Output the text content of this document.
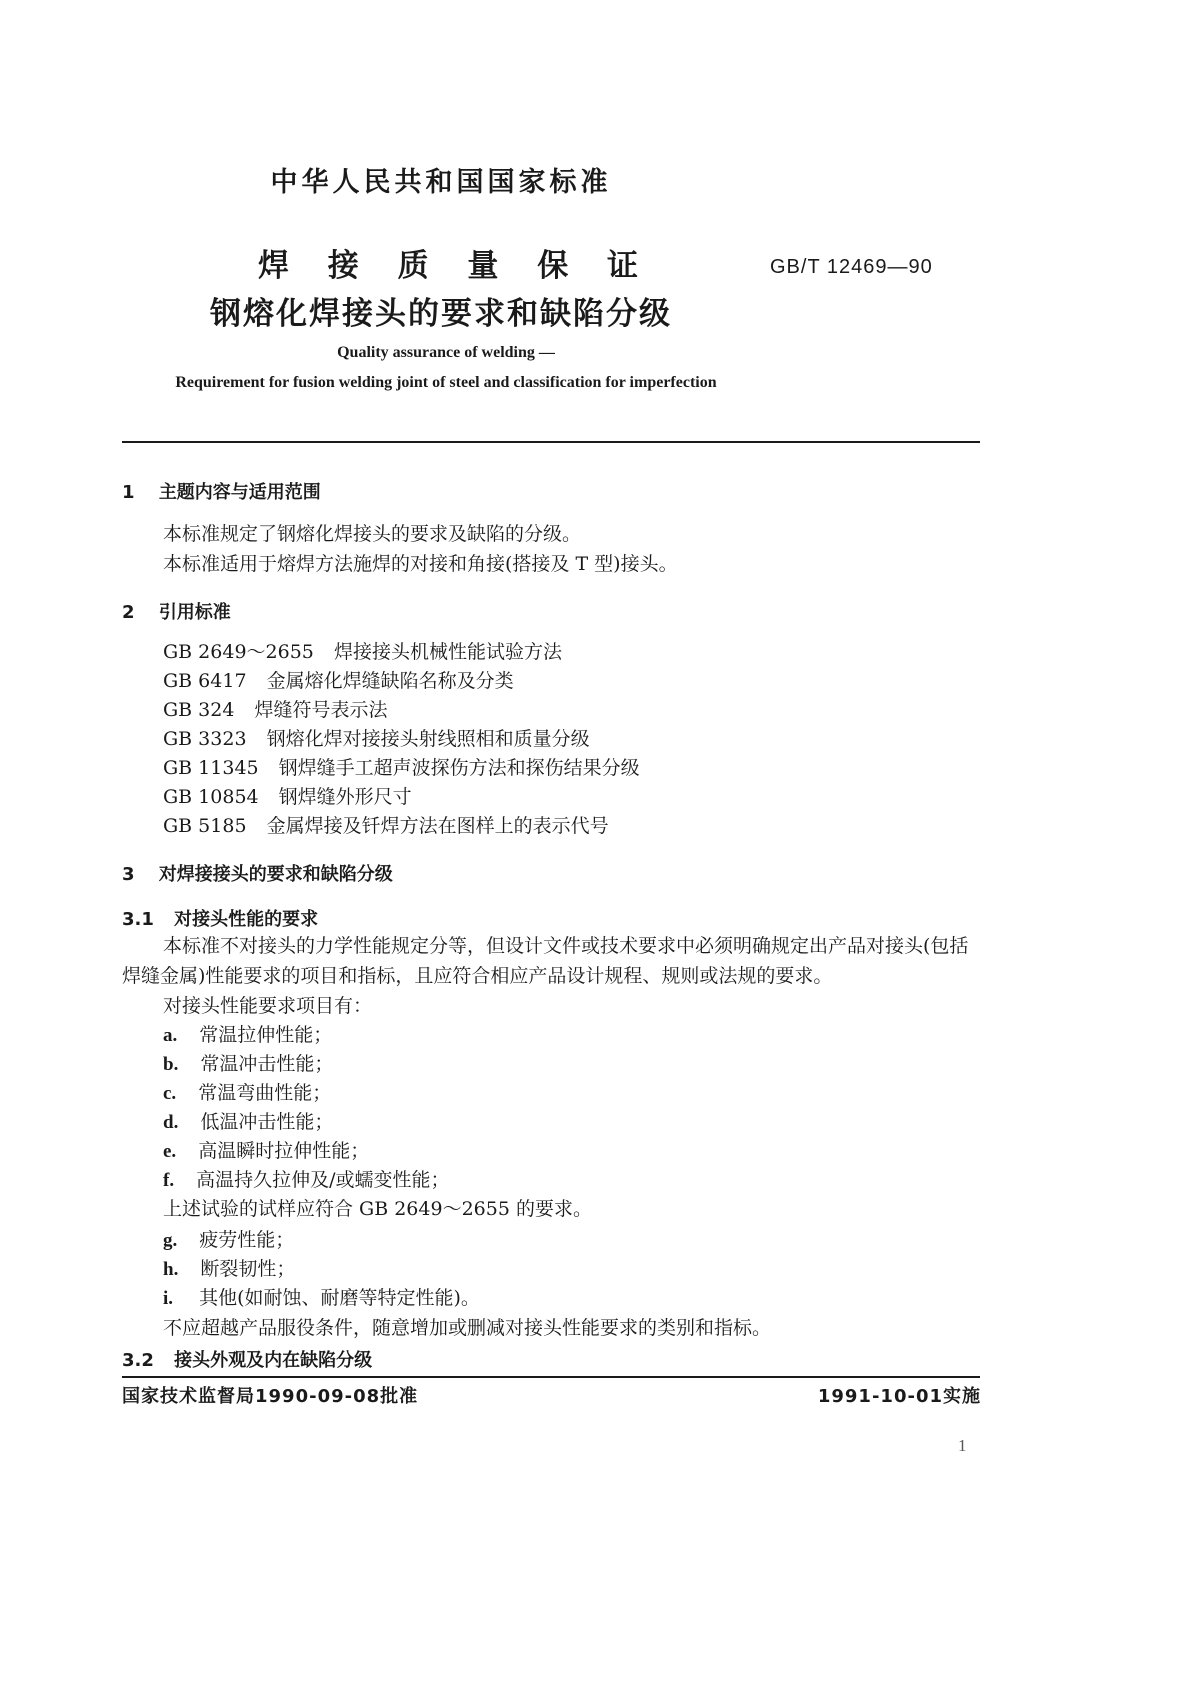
中华人民共和国国家标准
焊 接 质 量 保 证	GB/T 12469—90
钢熔化焊接头的要求和缺陷分级
Quality assurance of welding —
Requirement for fusion welding joint of steel and classification for imperfection
1 主题内容与适用范围
本标准规定了钢熔化焊接头的要求及缺陷的分级。
本标准适用于熔焊方法施焊的对接和角接(搭接及 T 型)接头。
2 引用标准
GB 2649～2655 焊接接头机械性能试验方法
GB 6417 金属熔化焊缝缺陷名称及分类
GB 324 焊缝符号表示法
GB 3323 钢熔化焊对接接头射线照相和质量分级
GB 11345 钢焊缝手工超声波探伤方法和探伤结果分级
GB 10854 钢焊缝外形尺寸
GB 5185 金属焊接及钎焊方法在图样上的表示代号
3 对焊接接头的要求和缺陷分级
3.1 对接头性能的要求
本标准不对接头的力学性能规定分等，但设计文件或技术要求中必须明确规定出产品对接头(包括
焊缝金属)性能要求的项目和指标，且应符合相应产品设计规程、规则或法规的要求。
对接头性能要求项目有：
a. 常温拉伸性能；
b. 常温冲击性能；
c. 常温弯曲性能；
d. 低温冲击性能；
e. 高温瞬时拉伸性能；
f. 高温持久拉伸及/或蠕变性能；
上述试验的试样应符合 GB 2649～2655 的要求。
g. 疲劳性能；
h. 断裂韧性；
i. 其他(如耐蚀、耐磨等特定性能)。
不应超越产品服役条件，随意增加或删减对接头性能要求的类别和指标。
3.2 接头外观及内在缺陷分级
国家技术监督局1990-09-08批准	1991-10-01实施
1
